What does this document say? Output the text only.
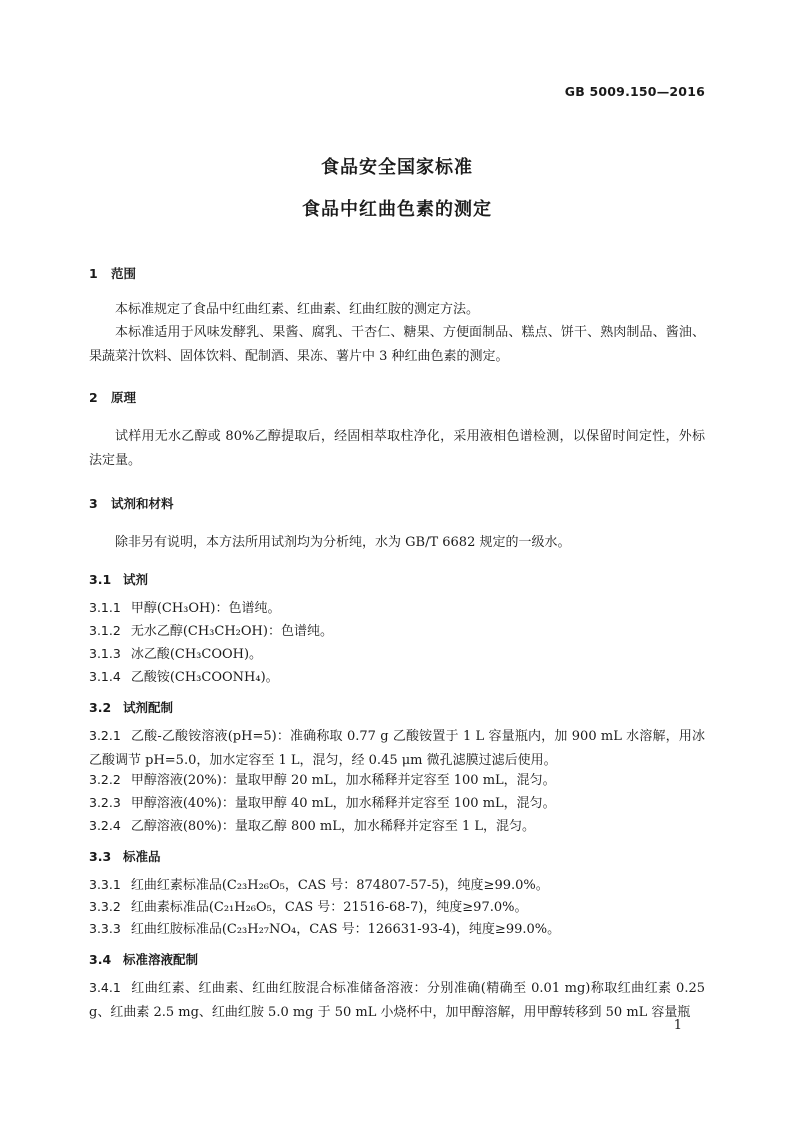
GB 5009.150—2016
食品安全国家标准
食品中红曲色素的测定
1 范围
本标准规定了食品中红曲红素、红曲素、红曲红胺的测定方法。
本标准适用于风味发酵乳、果酱、腐乳、干杏仁、糖果、方便面制品、糕点、饼干、熟肉制品、酱油、果蔬菜汁饮料、固体饮料、配制酒、果冻、薯片中 3 种红曲色素的测定。
2 原理
试样用无水乙醇或 80%乙醇提取后，经固相萃取柱净化，采用液相色谱检测，以保留时间定性，外标法定量。
3 试剂和材料
除非另有说明，本方法所用试剂均为分析纯，水为 GB/T 6682 规定的一级水。
3.1 试剂
3.1.1 甲醇(CH₃OH)：色谱纯。
3.1.2 无水乙醇(CH₃CH₂OH)：色谱纯。
3.1.3 冰乙酸(CH₃COOH)。
3.1.4 乙酸铵(CH₃COONH₄)。
3.2 试剂配制
3.2.1 乙酸-乙酸铵溶液(pH=5)：准确称取 0.77 g 乙酸铵置于 1 L 容量瓶内，加 900 mL 水溶解，用冰乙酸调节 pH=5.0，加水定容至 1 L，混匀，经 0.45 μm 微孔滤膜过滤后使用。
3.2.2 甲醇溶液(20%)：量取甲醇 20 mL，加水稀释并定容至 100 mL，混匀。
3.2.3 甲醇溶液(40%)：量取甲醇 40 mL，加水稀释并定容至 100 mL，混匀。
3.2.4 乙醇溶液(80%)：量取乙醇 800 mL，加水稀释并定容至 1 L，混匀。
3.3 标准品
3.3.1 红曲红素标准品(C₂₃H₂₆O₅，CAS 号：874807-57-5)，纯度≥99.0%。
3.3.2 红曲素标准品(C₂₁H₂₆O₅，CAS 号：21516-68-7)，纯度≥97.0%。
3.3.3 红曲红胺标准品(C₂₃H₂₇NO₄，CAS 号：126631-93-4)，纯度≥99.0%。
3.4 标准溶液配制
3.4.1 红曲红素、红曲素、红曲红胺混合标准储备溶液：分别准确(精确至 0.01 mg)称取红曲红素 0.25 g、红曲素 2.5 mg、红曲红胺 5.0 mg 于 50 mL 小烧杯中，加甲醇溶解，用甲醇转移到 50 mL 容量瓶
1
